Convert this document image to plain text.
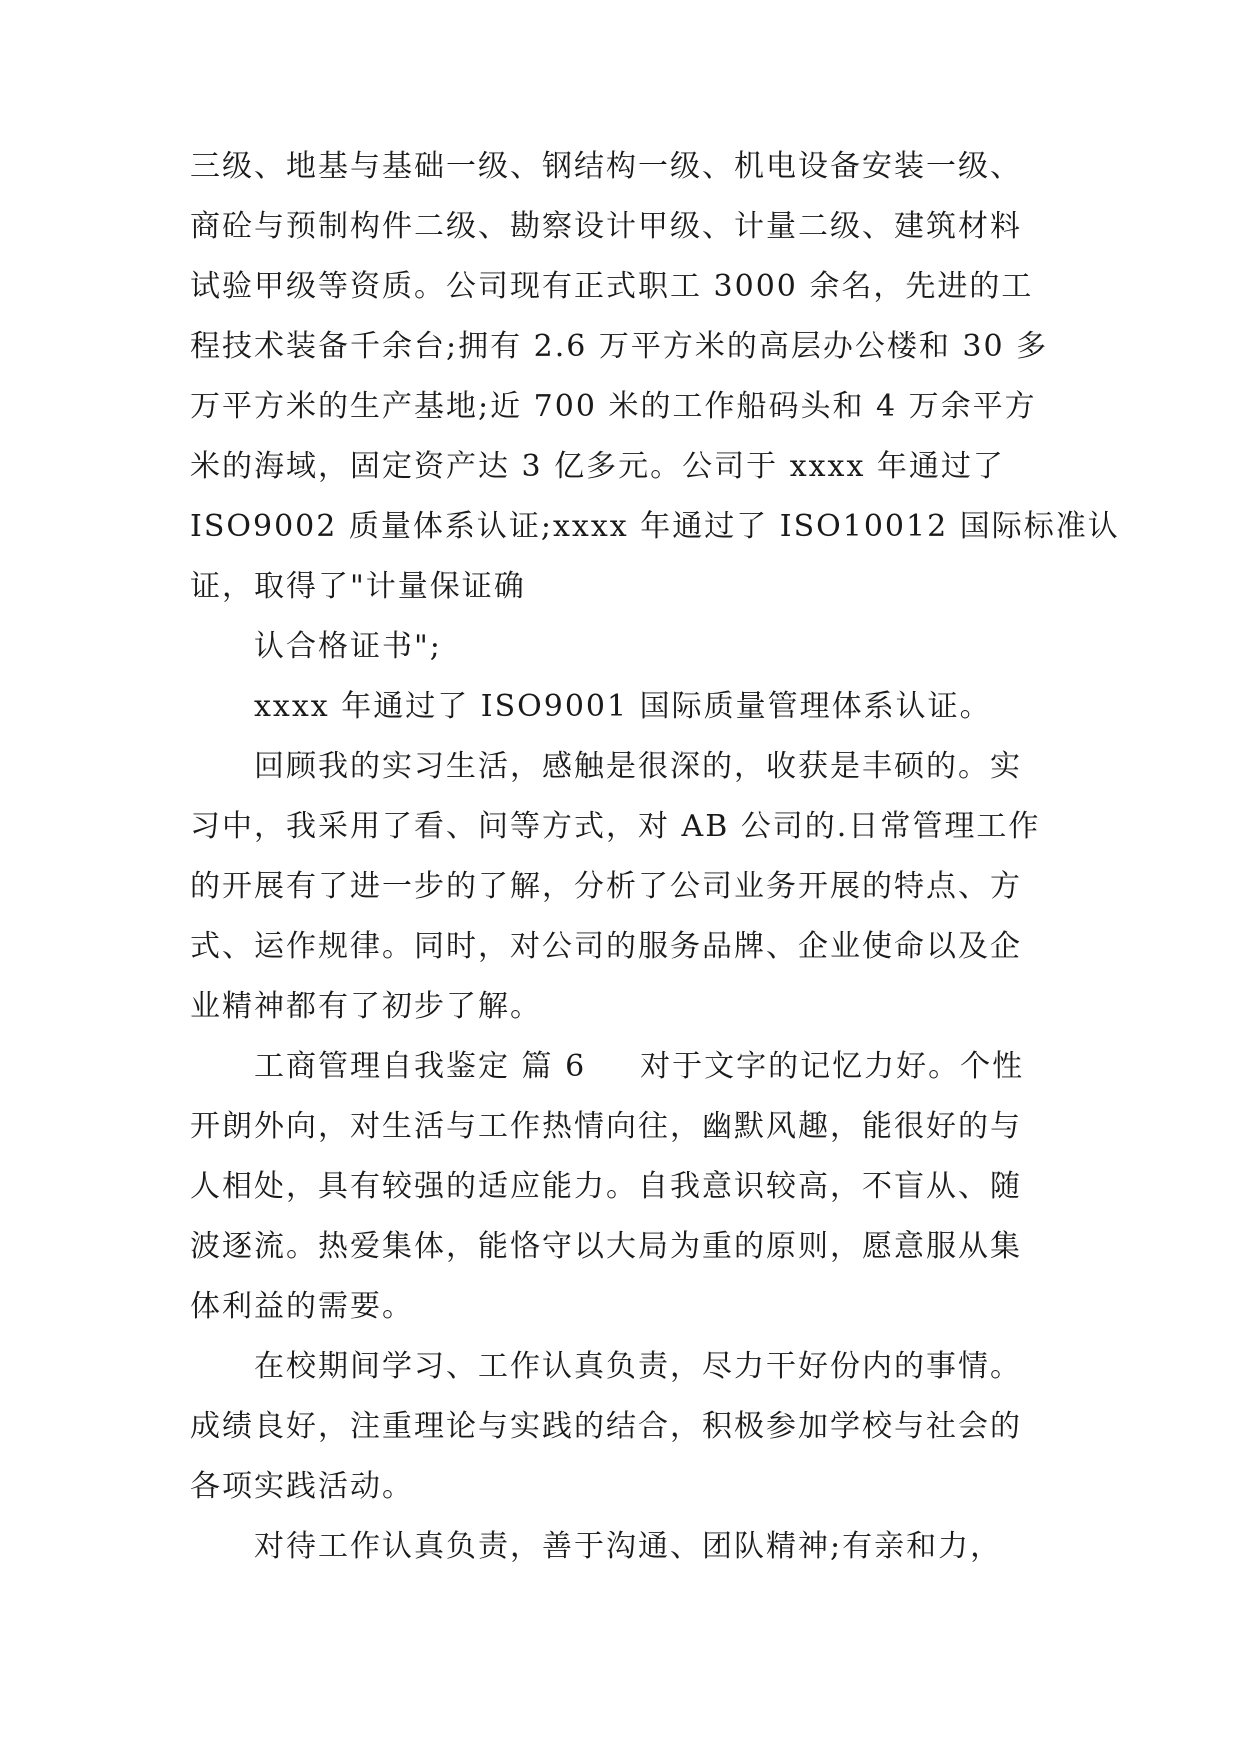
三级、地基与基础一级、钢结构一级、机电设备安装一级、
商砼与预制构件二级、勘察设计甲级、计量二级、建筑材料
试验甲级等资质。公司现有正式职工 3000 余名，先进的工
程技术装备千余台;拥有 2.6 万平方米的高层办公楼和 30 多
万平方米的生产基地;近 700 米的工作船码头和 4 万余平方
米的海域，固定资产达 3 亿多元。公司于 xxxx 年通过了
ISO9002 质量体系认证;xxxx 年通过了 ISO10012 国际标准认
证，取得了"计量保证确
认合格证书";
xxxx 年通过了 ISO9001 国际质量管理体系认证。
回顾我的实习生活，感触是很深的，收获是丰硕的。实
习中，我采用了看、问等方式，对 AB 公司的.日常管理工作
的开展有了进一步的了解，分析了公司业务开展的特点、方
式、运作规律。同时，对公司的服务品牌、企业使命以及企
业精神都有了初步了解。
工商管理自我鉴定 篇 6 对于文字的记忆力好。个性
开朗外向，对生活与工作热情向往，幽默风趣，能很好的与
人相处，具有较强的适应能力。自我意识较高，不盲从、随
波逐流。热爱集体，能恪守以大局为重的原则，愿意服从集
体利益的需要。
在校期间学习、工作认真负责，尽力干好份内的事情。
成绩良好，注重理论与实践的结合，积极参加学校与社会的
各项实践活动。
对待工作认真负责，善于沟通、团队精神;有亲和力，
